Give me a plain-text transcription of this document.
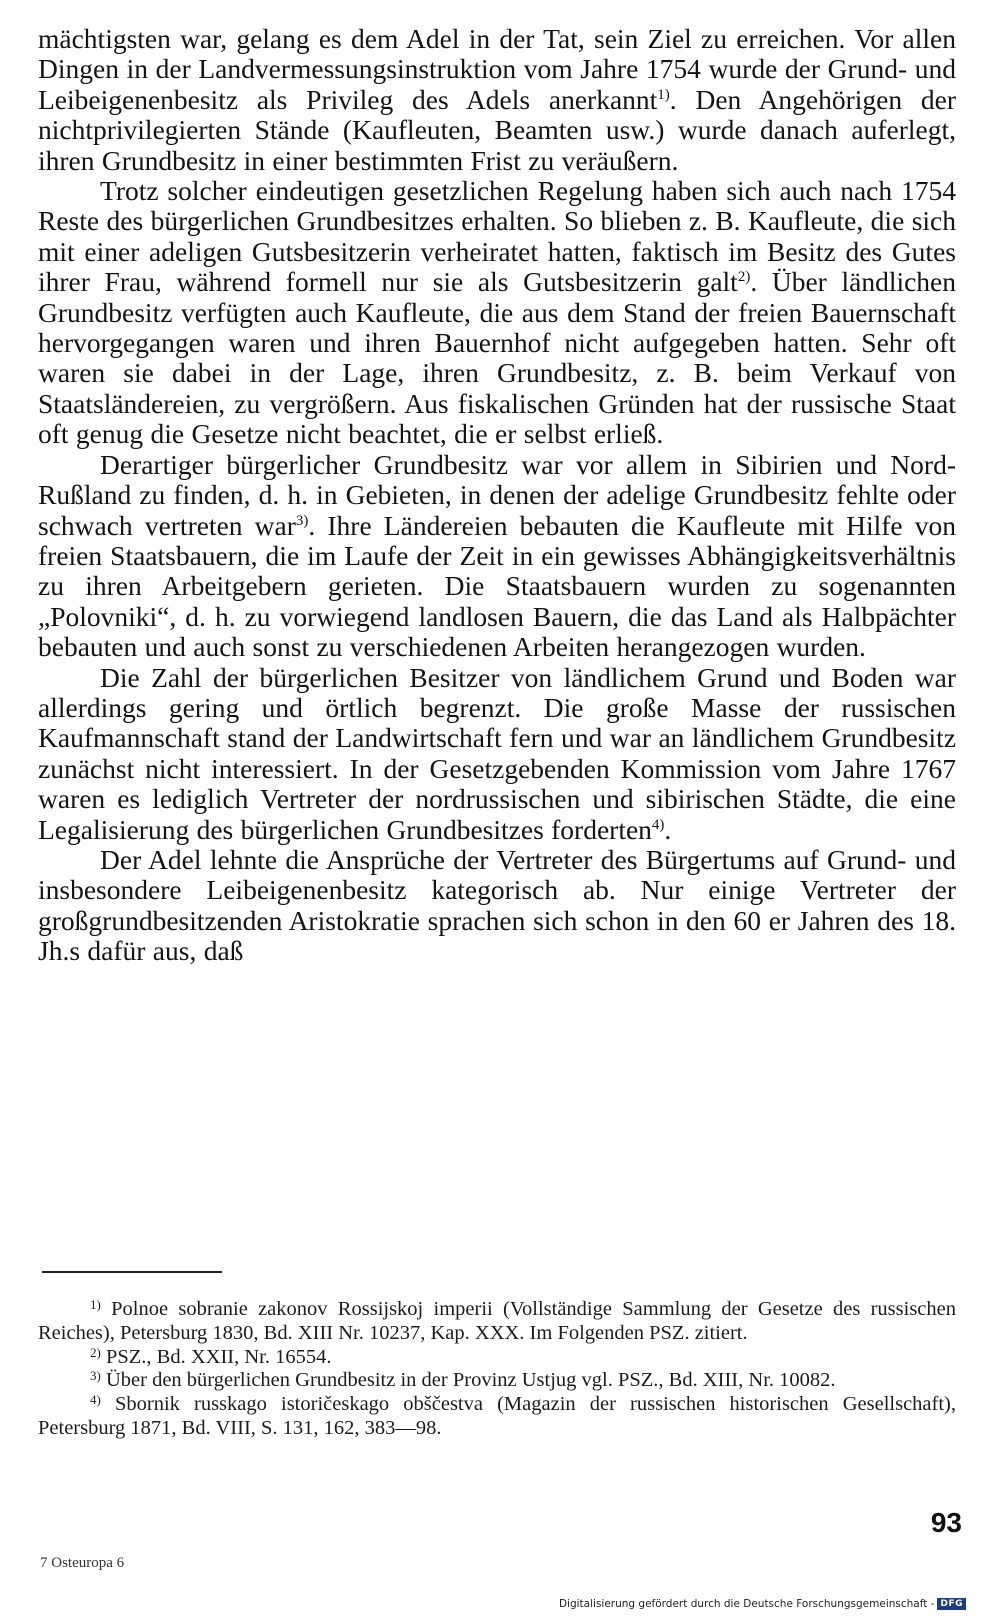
mächtigsten war, gelang es dem Adel in der Tat, sein Ziel zu erreichen. Vor allen Dingen in der Landvermessungsinstruktion vom Jahre 1754 wurde der Grund- und Leibeigenenbesitz als Privileg des Adels anerkannt$^{1)}$. Den Angehörigen der nichtprivilegierten Stände (Kaufleuten, Beamten usw.) wurde danach auferlegt, ihren Grundbesitz in einer bestimmten Frist zu veräußern.

Trotz solcher eindeutigen gesetzlichen Regelung haben sich auch nach 1754 Reste des bürgerlichen Grundbesitzes erhalten. So blieben z. B. Kaufleute, die sich mit einer adeligen Gutsbesitzerin verheiratet hatten, faktisch im Besitz des Gutes ihrer Frau, während formell nur sie als Gutsbesitzerin galt$^{2)}$. Über ländlichen Grundbesitz verfügten auch Kaufleute, die aus dem Stand der freien Bauernschaft hervorgegangen waren und ihren Bauernhof nicht aufgegeben hatten. Sehr oft waren sie dabei in der Lage, ihren Grundbesitz, z. B. beim Verkauf von Staatsländereien, zu vergrößern. Aus fiskalischen Gründen hat der russische Staat oft genug die Gesetze nicht beachtet, die er selbst erließ.

Derartiger bürgerlicher Grundbesitz war vor allem in Sibirien und Nord-Rußland zu finden, d. h. in Gebieten, in denen der adelige Grundbesitz fehlte oder schwach vertreten war$^{3)}$. Ihre Ländereien bebauten die Kaufleute mit Hilfe von freien Staatsbauern, die im Laufe der Zeit in ein gewisses Abhängigkeitsverhältnis zu ihren Arbeitgebern gerieten. Die Staatsbauern wurden zu sogenannten „Polovniki“, d. h. zu vorwiegend landlosen Bauern, die das Land als Halbpächter bebauten und auch sonst zu verschiedenen Arbeiten herangezogen wurden.

Die Zahl der bürgerlichen Besitzer von ländlichem Grund und Boden war allerdings gering und örtlich begrenzt. Die große Masse der russischen Kaufmannschaft stand der Landwirtschaft fern und war an ländlichem Grundbesitz zunächst nicht interessiert. In der Gesetzgebenden Kommission vom Jahre 1767 waren es lediglich Vertreter der nordrussischen und sibirischen Städte, die eine Legalisierung des bürgerlichen Grundbesitzes forderten$^{4)}$.

Der Adel lehnte die Ansprüche der Vertreter des Bürgertums auf Grund- und insbesondere Leibeigenenbesitz kategorisch ab. Nur einige Vertreter der großgrundbesitzenden Aristokratie sprachen sich schon in den 60 er Jahren des 18. Jh.s dafür aus, daß

$^{1)}$ Polnoe sobranie zakonov Rossijskoj imperii (Vollständige Sammlung der Gesetze des russischen Reiches), Petersburg 1830, Bd. XIII Nr. 10237, Kap. XXX. Im Folgenden PSZ. zitiert.

$^{2)}$ PSZ., Bd. XXII, Nr. 16554.

$^{3)}$ Über den bürgerlichen Grundbesitz in der Provinz Ustjug vgl. PSZ., Bd. XIII, Nr. 10082.

$^{4)}$ Sbornik russkago istoričeskago obščestva (Magazin der russischen historischen Gesellschaft), Petersburg 1871, Bd. VIII, S. 131, 162, 383—98.

93
7 Osteuropa 6
Digitalisierung gefördert durch die Deutsche Forschungsgemeinschaft - DFG
